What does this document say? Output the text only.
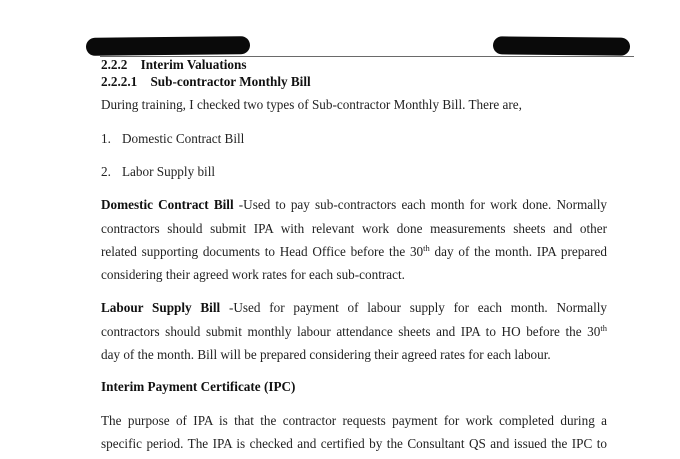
2.2.2 Interim Valuations
2.2.2.1 Sub-contractor Monthly Bill
During training, I checked two types of Sub-contractor Monthly Bill. There are,
1. Domestic Contract Bill
2. Labor Supply bill
Domestic Contract Bill -Used to pay sub-contractors each month for work done. Normally
contractors should submit IPA with relevant work done measurements sheets and other
related supporting documents to Head Office before the 30th day of the month. IPA prepared
considering their agreed work rates for each sub-contract.
Labour Supply Bill -Used for payment of labour supply for each month. Normally
contractors should submit monthly labour attendance sheets and IPA to HO before the 30th
day of the month. Bill will be prepared considering their agreed rates for each labour.
Interim Payment Certificate (IPC)
The purpose of IPA is that the contractor requests payment for work completed during a
specific period. The IPA is checked and certified by the Consultant QS and issued the IPC to
